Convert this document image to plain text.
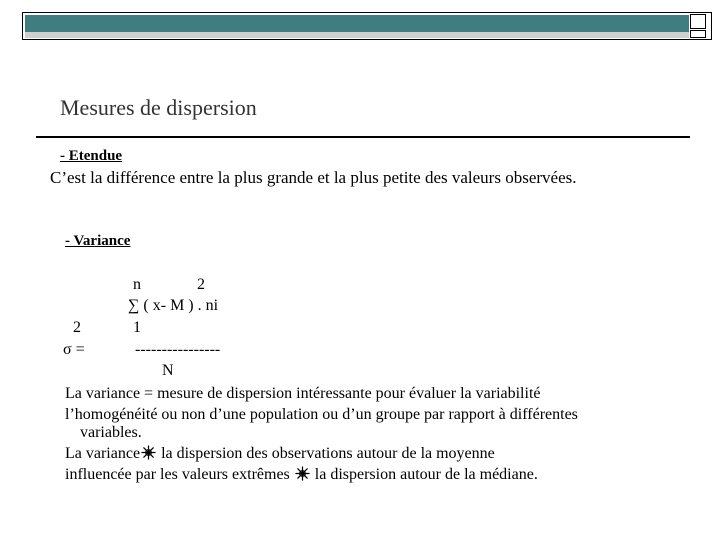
Mesures de dispersion
- Etendue
C’est la différence entre la plus grande et la plus petite des valeurs observées.
- Variance
n	2
∑ ( x- M ) . ni
2	1
σ =	----------------
N
La variance = mesure de dispersion intéressante pour évaluer la variabilité
l’homogénéité ou non d’une population ou d’un groupe par rapport à différentes
variables.
La variance la dispersion des observations autour de la moyenne
influencée par les valeurs extrêmes  la dispersion autour de la médiane.
